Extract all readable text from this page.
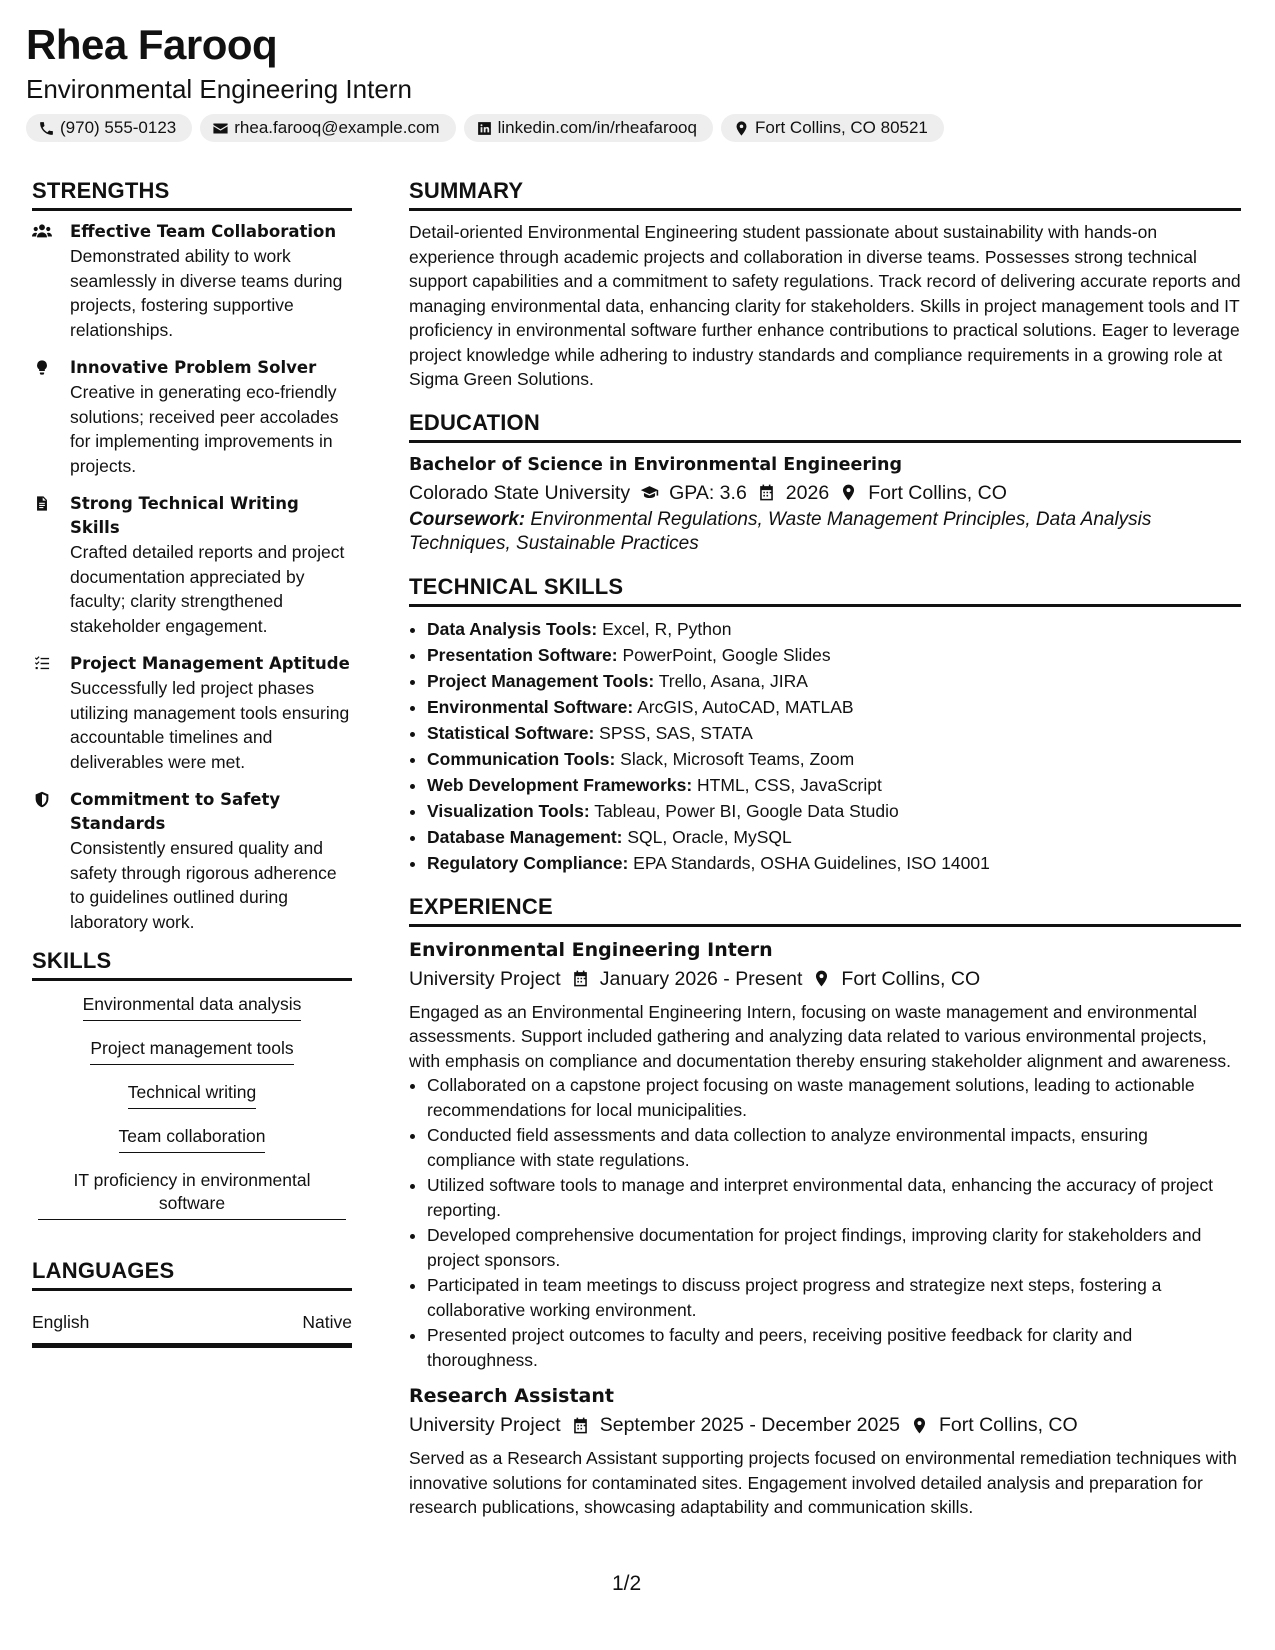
Rhea Farooq
Environmental Engineering Intern
(970) 555-0123	rhea.farooq@example.com	linkedin.com/in/rheafarooq	Fort Collins, CO 80521
STRENGTHS
Effective Team Collaboration
Demonstrated ability to work seamlessly in diverse teams during projects, fostering supportive relationships.
Innovative Problem Solver
Creative in generating eco-friendly solutions; received peer accolades for implementing improvements in projects.
Strong Technical Writing Skills
Crafted detailed reports and project documentation appreciated by faculty; clarity strengthened stakeholder engagement.
Project Management Aptitude
Successfully led project phases utilizing management tools ensuring accountable timelines and deliverables were met.
Commitment to Safety Standards
Consistently ensured quality and safety through rigorous adherence to guidelines outlined during laboratory work.
SKILLS
Environmental data analysis
Project management tools
Technical writing
Team collaboration
IT proficiency in environmental software
LANGUAGES
English	Native
SUMMARY
Detail-oriented Environmental Engineering student passionate about sustainability with hands-on experience through academic projects and collaboration in diverse teams. Possesses strong technical support capabilities and a commitment to safety regulations. Track record of delivering accurate reports and managing environmental data, enhancing clarity for stakeholders. Skills in project management tools and IT proficiency in environmental software further enhance contributions to practical solutions. Eager to leverage project knowledge while adhering to industry standards and compliance requirements in a growing role at Sigma Green Solutions.
EDUCATION
Bachelor of Science in Environmental Engineering
Colorado State University GPA: 3.6 2026 Fort Collins, CO
Coursework: Environmental Regulations, Waste Management Principles, Data Analysis Techniques, Sustainable Practices
TECHNICAL SKILLS
• Data Analysis Tools: Excel, R, Python
• Presentation Software: PowerPoint, Google Slides
• Project Management Tools: Trello, Asana, JIRA
• Environmental Software: ArcGIS, AutoCAD, MATLAB
• Statistical Software: SPSS, SAS, STATA
• Communication Tools: Slack, Microsoft Teams, Zoom
• Web Development Frameworks: HTML, CSS, JavaScript
• Visualization Tools: Tableau, Power BI, Google Data Studio
• Database Management: SQL, Oracle, MySQL
• Regulatory Compliance: EPA Standards, OSHA Guidelines, ISO 14001
EXPERIENCE
Environmental Engineering Intern
University Project January 2026 - Present Fort Collins, CO
Engaged as an Environmental Engineering Intern, focusing on waste management and environmental assessments. Support included gathering and analyzing data related to various environmental projects, with emphasis on compliance and documentation thereby ensuring stakeholder alignment and awareness.
• Collaborated on a capstone project focusing on waste management solutions, leading to actionable recommendations for local municipalities.
• Conducted field assessments and data collection to analyze environmental impacts, ensuring compliance with state regulations.
• Utilized software tools to manage and interpret environmental data, enhancing the accuracy of project reporting.
• Developed comprehensive documentation for project findings, improving clarity for stakeholders and project sponsors.
• Participated in team meetings to discuss project progress and strategize next steps, fostering a collaborative working environment.
• Presented project outcomes to faculty and peers, receiving positive feedback for clarity and thoroughness.
Research Assistant
University Project September 2025 - December 2025 Fort Collins, CO
Served as a Research Assistant supporting projects focused on environmental remediation techniques with innovative solutions for contaminated sites. Engagement involved detailed analysis and preparation for research publications, showcasing adaptability and communication skills.
1/2
